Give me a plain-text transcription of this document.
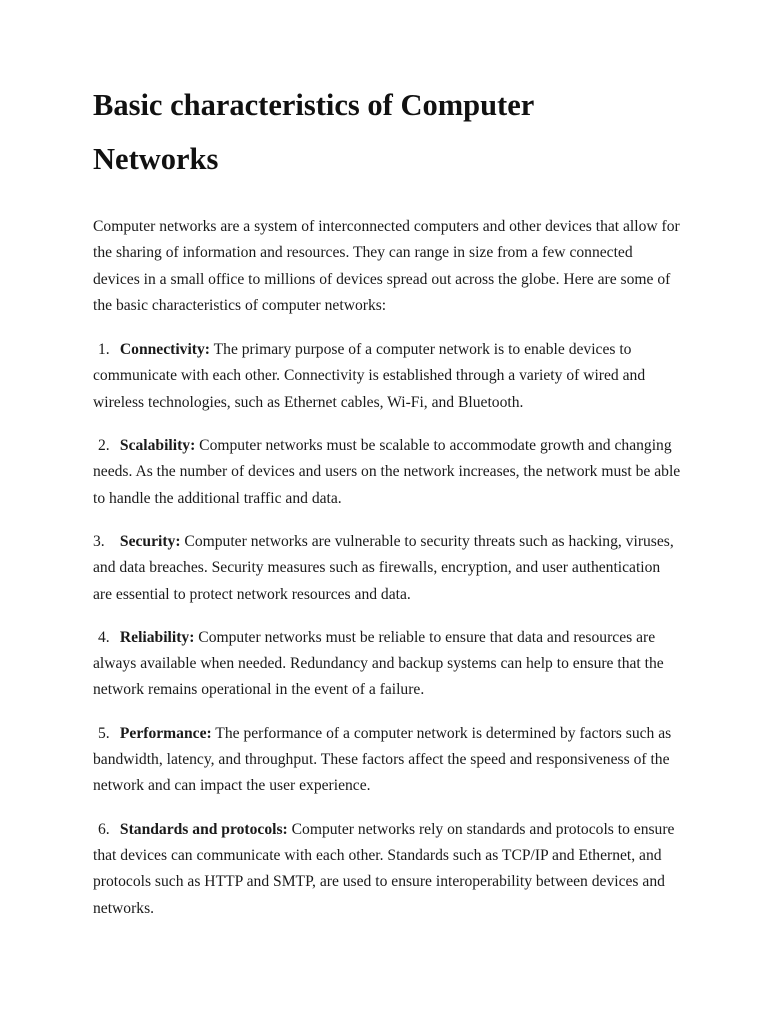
Basic characteristics of Computer
Networks

Computer networks are a system of interconnected computers and other devices that allow for the sharing of information and resources. They can range in size from a few connected devices in a small office to millions of devices spread out across the globe. Here are some of the basic characteristics of computer networks:

1. Connectivity: The primary purpose of a computer network is to enable devices to communicate with each other. Connectivity is established through a variety of wired and wireless technologies, such as Ethernet cables, Wi-Fi, and Bluetooth.

2. Scalability: Computer networks must be scalable to accommodate growth and changing needs. As the number of devices and users on the network increases, the network must be able to handle the additional traffic and data.

3. Security: Computer networks are vulnerable to security threats such as hacking, viruses, and data breaches. Security measures such as firewalls, encryption, and user authentication are essential to protect network resources and data.

4. Reliability: Computer networks must be reliable to ensure that data and resources are always available when needed. Redundancy and backup systems can help to ensure that the network remains operational in the event of a failure.

5. Performance: The performance of a computer network is determined by factors such as bandwidth, latency, and throughput. These factors affect the speed and responsiveness of the network and can impact the user experience.

6. Standards and protocols: Computer networks rely on standards and protocols to ensure that devices can communicate with each other. Standards such as TCP/IP and Ethernet, and protocols such as HTTP and SMTP, are used to ensure interoperability between devices and networks.
